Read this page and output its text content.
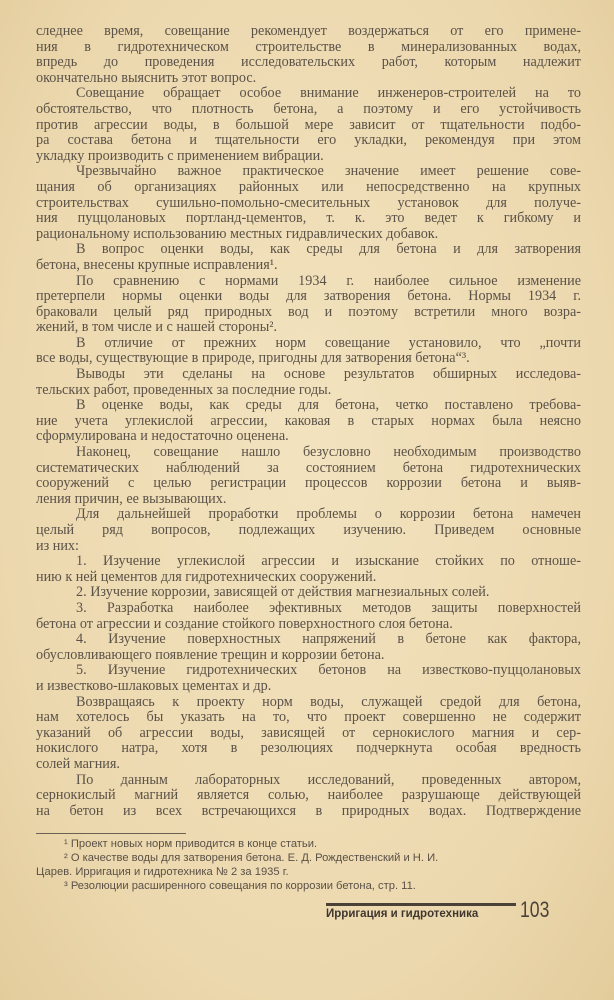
следнее время, совещание рекомендует воздержаться от его примене-
ния в гидротехническом строительстве в минерализованных водах,
впредь до проведения исследовательских работ, которым надлежит
окончательно выяснить этот вопрос.
Совещание обращает особое внимание инженеров-строителей на то
обстоятельство, что плотность бетона, а поэтому и его устойчивость
против агрессии воды, в большой мере зависит от тщательности подбо-
ра состава бетона и тщательности его укладки, рекомендуя при этом
укладку производить с применением вибрации.
Чрезвычайно важное практическое значение имеет решение сове-
щания об организациях районных или непосредственно на крупных
строительствах сушильно-помольно-смесительных установок для получе-
ния пуццолановых портланд-цементов, т. к. это ведет к гибкому и
рациональному использованию местных гидравлических добавок.
В вопрос оценки воды, как среды для бетона и для затворения
бетона, внесены крупные исправления¹.
По сравнению с нормами 1934 г. наиболее сильное изменение
претерпели нормы оценки воды для затворения бетона. Нормы 1934 г.
браковали целый ряд природных вод и поэтому встретили много возра-
жений, в том числе и с нашей стороны².
В отличие от прежних норм совещание установило, что „почти
все воды, существующие в природе, пригодны для затворения бетона“³.
Выводы эти сделаны на основе результатов обширных исследова-
тельских работ, проведенных за последние годы.
В оценке воды, как среды для бетона, четко поставлено требова-
ние учета углекислой агрессии, каковая в старых нормах была неясно
сформулирована и недостаточно оценена.
Наконец, совещание нашло безусловно необходимым производство
систематических наблюдений за состоянием бетона гидротехнических
сооружений с целью регистрации процессов коррозии бетона и выяв-
ления причин, ее вызывающих.
Для дальнейшей проработки проблемы о коррозии бетона намечен
целый ряд вопросов, подлежащих изучению. Приведем основные
из них:
1. Изучение углекислой агрессии и изыскание стойких по отноше-
нию к ней цементов для гидротехнических сооружений.
2. Изучение коррозии, зависящей от действия магнезиальных солей.
3. Разработка наиболее эфективных методов защиты поверхностей
бетона от агрессии и создание стойкого поверхностного слоя бетона.
4. Изучение поверхностных напряжений в бетоне как фактора,
обусловливающего появление трещин и коррозии бетона.
5. Изучение гидротехнических бетонов на известково-пуццолановых
и известково-шлаковых цементах и др.
Возвращаясь к проекту норм воды, служащей средой для бетона,
нам хотелось бы указать на то, что проект совершенно не содержит
указаний об агрессии воды, зависящей от сернокислого магния и сер-
нокислого натра, хотя в резолюциях подчеркнута особая вредность
солей магния.
По данным лабораторных исследований, проведенных автором,
сернокислый магний является солью, наиболее разрушающе действующей
на бетон из всех встречающихся в природных водах. Подтверждение
¹ Проект новых норм приводится в конце статьи.
² О качестве воды для затворения бетона. Е. Д. Рождественский и Н. И.
Царев. Ирригация и гидротехника № 2 за 1935 г.
³ Резолюции расширенного совещания по коррозии бетона, стр. 11.
Ирригация и гидротехника 103
